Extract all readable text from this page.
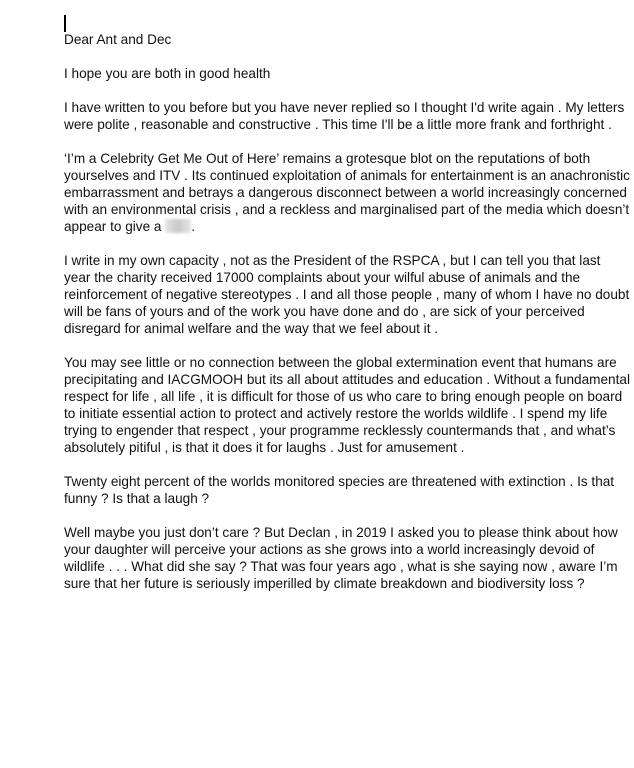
Dear Ant and Dec

I hope you are both in good health

I have written to you before but you have never replied so I thought I'd write again . My letters were polite , reasonable and constructive . This time I'll be a little more frank and forthright .

‘I’m a Celebrity Get Me Out of Here’ remains a grotesque blot on the reputations of both yourselves and ITV . Its continued exploitation of animals for entertainment is an anachronistic embarrassment and betrays a dangerous disconnect between a world increasingly concerned with an environmental crisis , and a reckless and marginalised part of the media which doesn’t appear to give a .

I write in my own capacity , not as the President of the RSPCA , but I can tell you that last year the charity received 17000 complaints about your wilful abuse of animals and the reinforcement of negative stereotypes . I and all those people , many of whom I have no doubt will be fans of yours and of the work you have done and do , are sick of your perceived disregard for animal welfare and the way that we feel about it .

You may see little or no connection between the global extermination event that humans are precipitating and IACGMOOH but its all about attitudes and education . Without a fundamental respect for life , all life , it is difficult for those of us who care to bring enough people on board to initiate essential action to protect and actively restore the worlds wildlife . I spend my life trying to engender that respect , your programme recklessly countermands that , and what’s absolutely pitiful , is that it does it for laughs . Just for amusement .

Twenty eight percent of the worlds monitored species are threatened with extinction . Is that funny ? Is that a laugh ?

Well maybe you just don’t care ? But Declan , in 2019 I asked you to please think about how your daughter will perceive your actions as she grows into a world increasingly devoid of wildlife . . . What did she say ? That was four years ago , what is she saying now , aware I’m sure that her future is seriously imperilled by climate breakdown and biodiversity loss ?
